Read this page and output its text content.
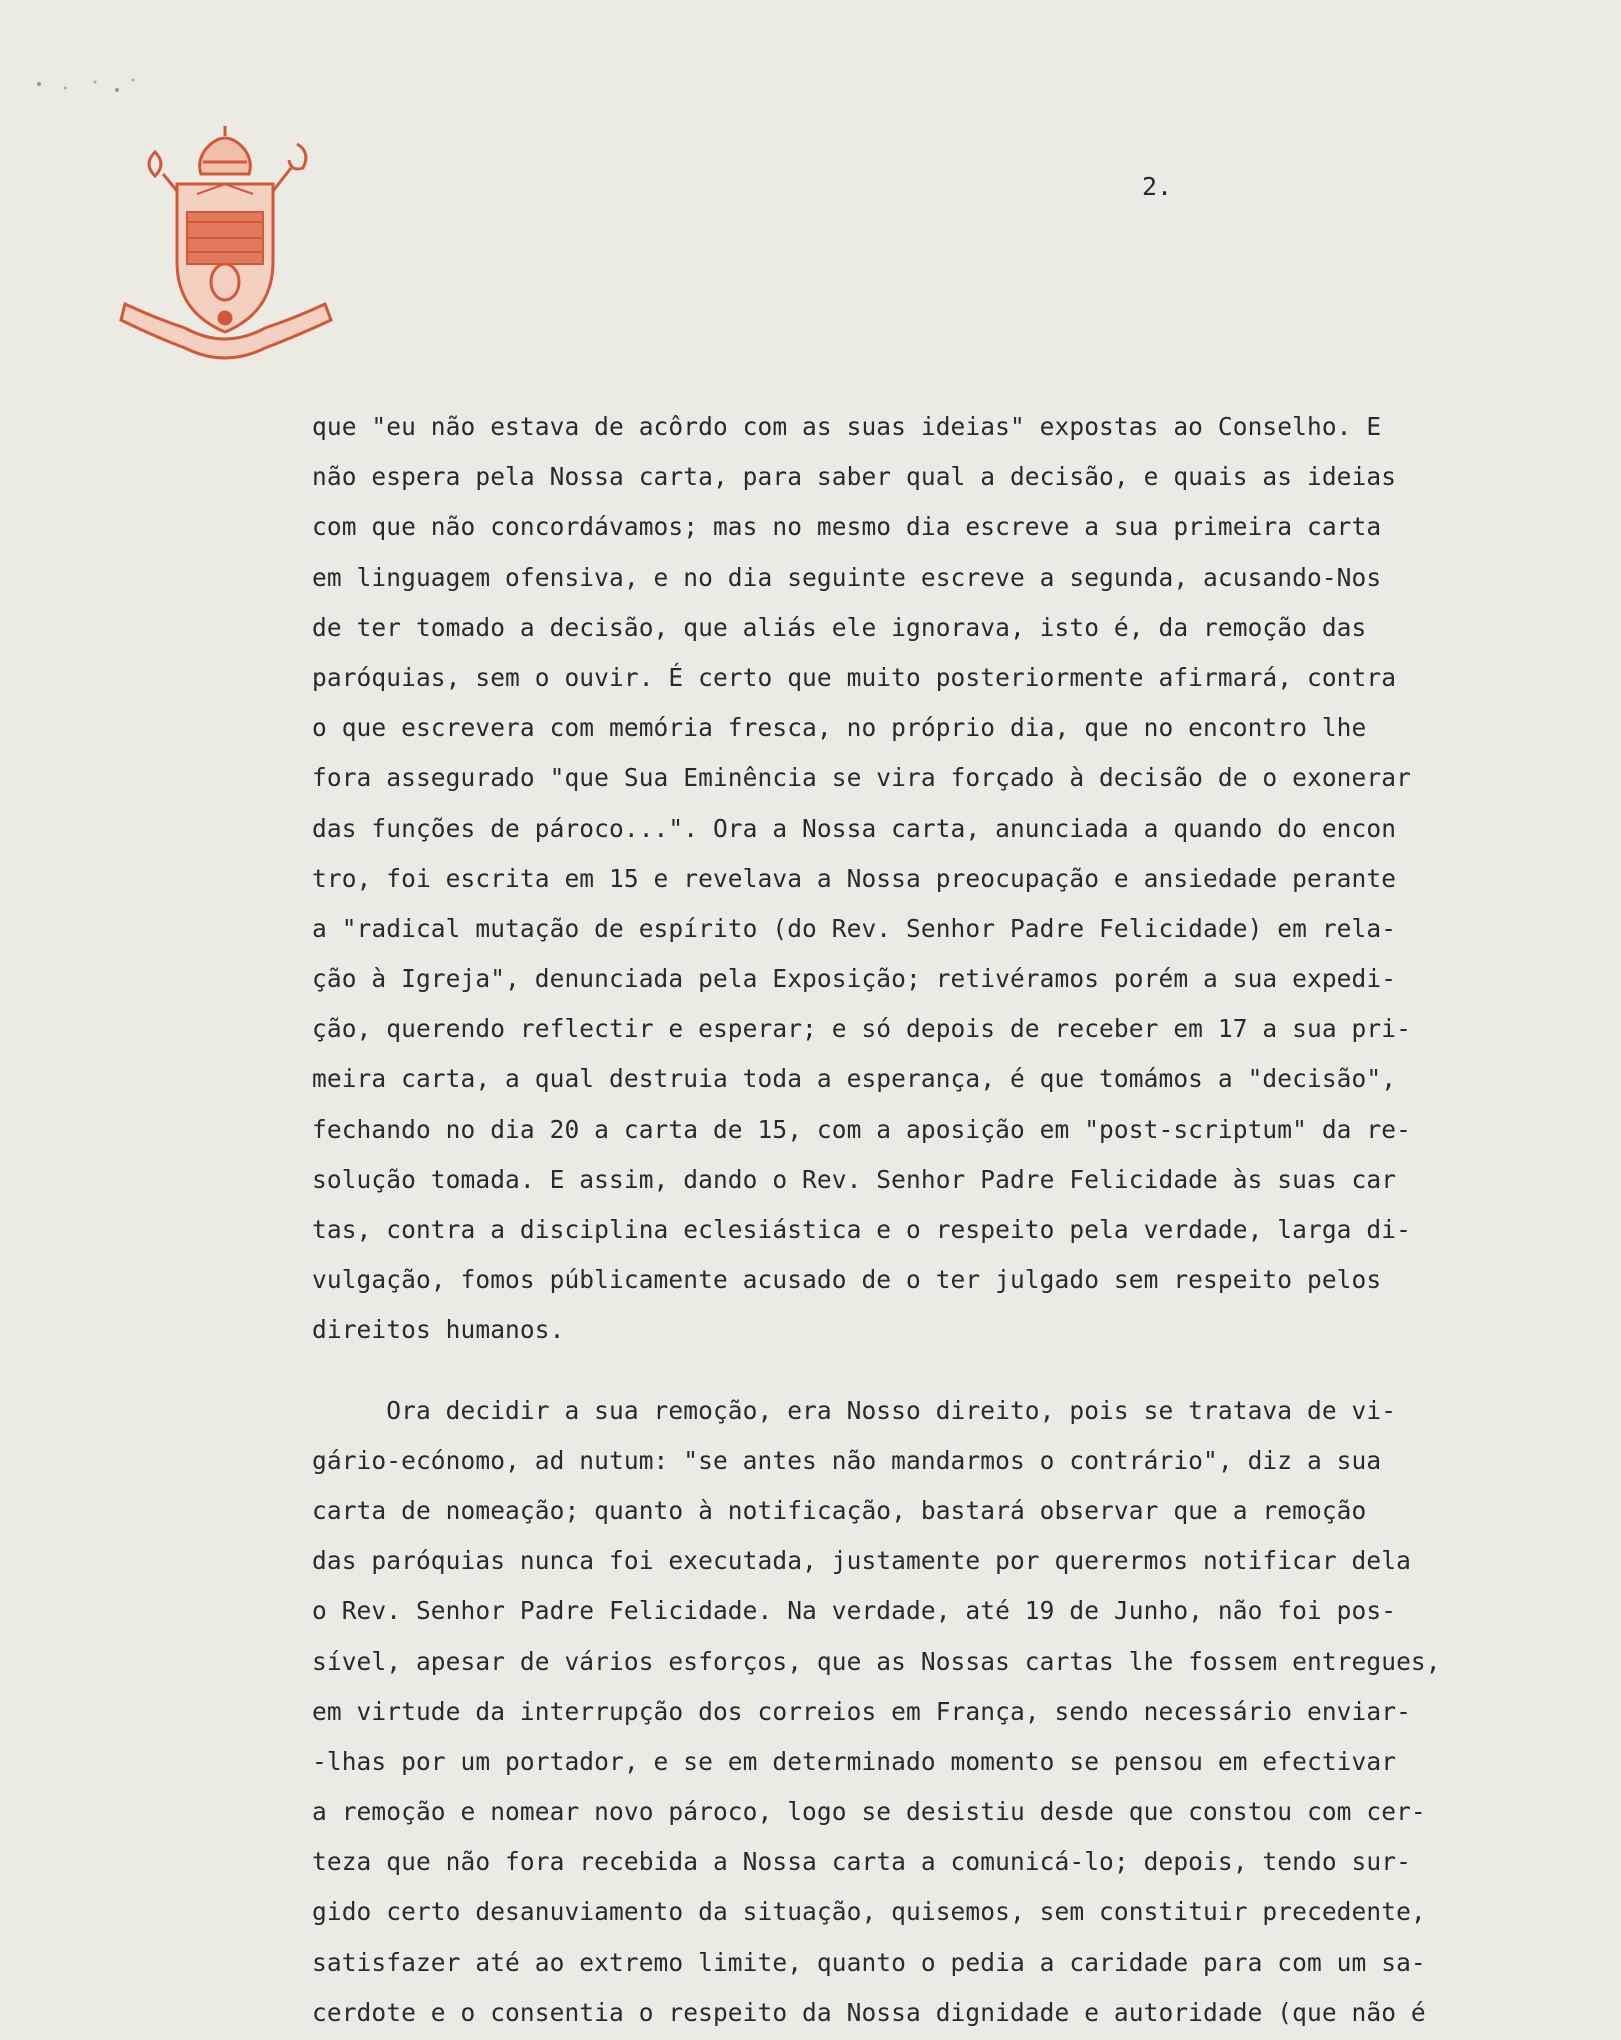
2.
que "eu não estava de acôrdo com as suas ideias" expostas ao Conselho. E
não espera pela Nossa carta, para saber qual a decisão, e quais as ideias
com que não concordávamos; mas no mesmo dia escreve a sua primeira carta
em linguagem ofensiva, e no dia seguinte escreve a segunda, acusando-Nos
de ter tomado a decisão, que aliás ele ignorava, isto é, da remoção das
paróquias, sem o ouvir. É certo que muito posteriormente afirmará, contra
o que escrevera com memória fresca, no próprio dia, que no encontro lhe
fora assegurado "que Sua Eminência se vira forçado à decisão de o exonerar
das funções de pároco...". Ora a Nossa carta, anunciada a quando do encon
tro, foi escrita em 15 e revelava a Nossa preocupação e ansiedade perante
a "radical mutação de espírito (do Rev. Senhor Padre Felicidade) em rela-
ção à Igreja", denunciada pela Exposição; retivéramos porém a sua expedi-
ção, querendo reflectir e esperar; e só depois de receber em 17 a sua pri-
meira carta, a qual destruia toda a esperança, é que tomámos a "decisão",
fechando no dia 20 a carta de 15, com a aposição em "post-scriptum" da re-
solução tomada. E assim, dando o Rev. Senhor Padre Felicidade às suas car
tas, contra a disciplina eclesiástica e o respeito pela verdade, larga di-
vulgação, fomos públicamente acusado de o ter julgado sem respeito pelos
direitos humanos.
Ora decidir a sua remoção, era Nosso direito, pois se tratava de vi-
gário-ecónomo, ad nutum: "se antes não mandarmos o contrário", diz a sua
carta de nomeação; quanto à notificação, bastará observar que a remoção
das paróquias nunca foi executada, justamente por querermos notificar dela
o Rev. Senhor Padre Felicidade. Na verdade, até 19 de Junho, não foi pos-
sível, apesar de vários esforços, que as Nossas cartas lhe fossem entregues,
em virtude da interrupção dos correios em França, sendo necessário enviar-
-lhas por um portador, e se em determinado momento se pensou em efectivar
a remoção e nomear novo pároco, logo se desistiu desde que constou com cer-
teza que não fora recebida a Nossa carta a comunicá-lo; depois, tendo sur-
gido certo desanuviamento da situação, quisemos, sem constituir precedente,
satisfazer até ao extremo limite, quanto o pedia a caridade para com um sa-
cerdote e o consentia o respeito da Nossa dignidade e autoridade (que não é
